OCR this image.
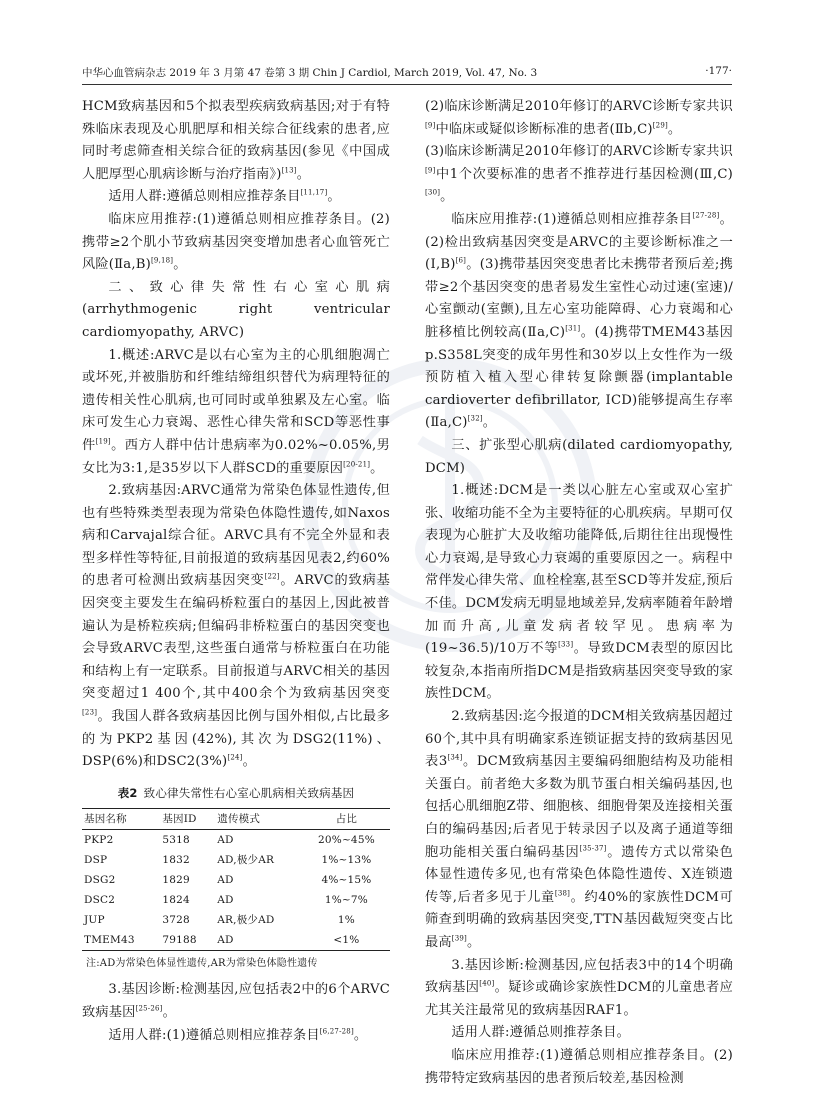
中华心血管病杂志 2019 年 3 月第 47 卷第 3 期 Chin J Cardiol, March 2019, Vol. 47, No. 3	·177·

HCM致病基因和5个拟表型疾病致病基因;对于有特殊临床表现及心肌肥厚和相关综合征线索的患者,应同时考虑筛查相关综合征的致病基因(参见《中国成人肥厚型心肌病诊断与治疗指南》)[13]。

适用人群:遵循总则相应推荐条目[11,17]。

临床应用推荐:(1)遵循总则相应推荐条目。(2)携带≥2个肌小节致病基因突变增加患者心血管死亡风险(Ⅱa,B)[9,18]。

二、致心律失常性右心室心肌病(arrhythmogenic right ventricular cardiomyopathy, ARVC)

1.概述:ARVC是以右心室为主的心肌细胞凋亡或坏死,并被脂肪和纤维结缔组织替代为病理特征的遗传相关性心肌病,也可同时或单独累及左心室。临床可发生心力衰竭、恶性心律失常和SCD等恶性事件[19]。西方人群中估计患病率为0.02%~0.05%,男女比为3:1,是35岁以下人群SCD的重要原因[20-21]。

2.致病基因:ARVC通常为常染色体显性遗传,但也有些特殊类型表现为常染色体隐性遗传,如Naxos病和Carvajal综合征。ARVC具有不完全外显和表型多样性等特征,目前报道的致病基因见表2,约60%的患者可检测出致病基因突变[22]。ARVC的致病基因突变主要发生在编码桥粒蛋白的基因上,因此被普遍认为是桥粒疾病;但编码非桥粒蛋白的基因突变也会导致ARVC表型,这些蛋白通常与桥粒蛋白在功能和结构上有一定联系。目前报道与ARVC相关的基因突变超过1 400个,其中400余个为致病基因突变[23]。我国人群各致病基因比例与国外相似,占比最多的为PKP2基因(42%),其次为DSG2(11%)、DSP(6%)和DSC2(3%)[24]。

表2 致心律失常性右心室心肌病相关致病基因
基因名称	基因ID	遗传模式	占比
PKP2	5318	AD	20%~45%
DSP	1832	AD,极少AR	1%~13%
DSG2	1829	AD	4%~15%
DSC2	1824	AD	1%~7%
JUP	3728	AR,极少AD	1%
TMEM43	79188	AD	<1%
注:AD为常染色体显性遗传,AR为常染色体隐性遗传

3.基因诊断:检测基因,应包括表2中的6个ARVC致病基因[25-26]。

适用人群:(1)遵循总则相应推荐条目[6,27-28]。

(2)临床诊断满足2010年修订的ARVC诊断专家共识[9]中临床或疑似诊断标准的患者(Ⅱb,C)[29]。

(3)临床诊断满足2010年修订的ARVC诊断专家共识[9]中1个次要标准的患者不推荐进行基因检测(Ⅲ,C)[30]。

临床应用推荐:(1)遵循总则相应推荐条目[27-28]。(2)检出致病基因突变是ARVC的主要诊断标准之一(Ⅰ,B)[6]。(3)携带基因突变患者比未携带者预后差;携带≥2个基因突变的患者易发生室性心动过速(室速)/心室颤动(室颤),且左心室功能障碍、心力衰竭和心脏移植比例较高(Ⅱa,C)[31]。(4)携带TMEM43基因p.S358L突变的成年男性和30岁以上女性作为一级预防植入植入型心律转复除颤器(implantable cardioverter defibrillator, ICD)能够提高生存率(Ⅱa,C)[32]。

三、扩张型心肌病(dilated cardiomyopathy, DCM)

1.概述:DCM是一类以心脏左心室或双心室扩张、收缩功能不全为主要特征的心肌疾病。早期可仅表现为心脏扩大及收缩功能降低,后期往往出现慢性心力衰竭,是导致心力衰竭的重要原因之一。病程中常伴发心律失常、血栓栓塞,甚至SCD等并发症,预后不佳。DCM发病无明显地域差异,发病率随着年龄增加而升高,儿童发病者较罕见。患病率为(19~36.5)/10万不等[33]。导致DCM表型的原因比较复杂,本指南所指DCM是指致病基因突变导致的家族性DCM。

2.致病基因:迄今报道的DCM相关致病基因超过60个,其中具有明确家系连锁证据支持的致病基因见表3[34]。DCM致病基因主要编码细胞结构及功能相关蛋白。前者绝大多数为肌节蛋白相关编码基因,也包括心肌细胞Z带、细胞核、细胞骨架及连接相关蛋白的编码基因;后者见于转录因子以及离子通道等细胞功能相关蛋白编码基因[35-37]。遗传方式以常染色体显性遗传多见,也有常染色体隐性遗传、X连锁遗传等,后者多见于儿童[38]。约40%的家族性DCM可筛查到明确的致病基因突变,TTN基因截短突变占比最高[39]。

3.基因诊断:检测基因,应包括表3中的14个明确致病基因[40]。疑诊或确诊家族性DCM的儿童患者应尤其关注最常见的致病基因RAF1。

适用人群:遵循总则推荐条目。

临床应用推荐:(1)遵循总则相应推荐条目。(2)携带特定致病基因的患者预后较差,基因检测
